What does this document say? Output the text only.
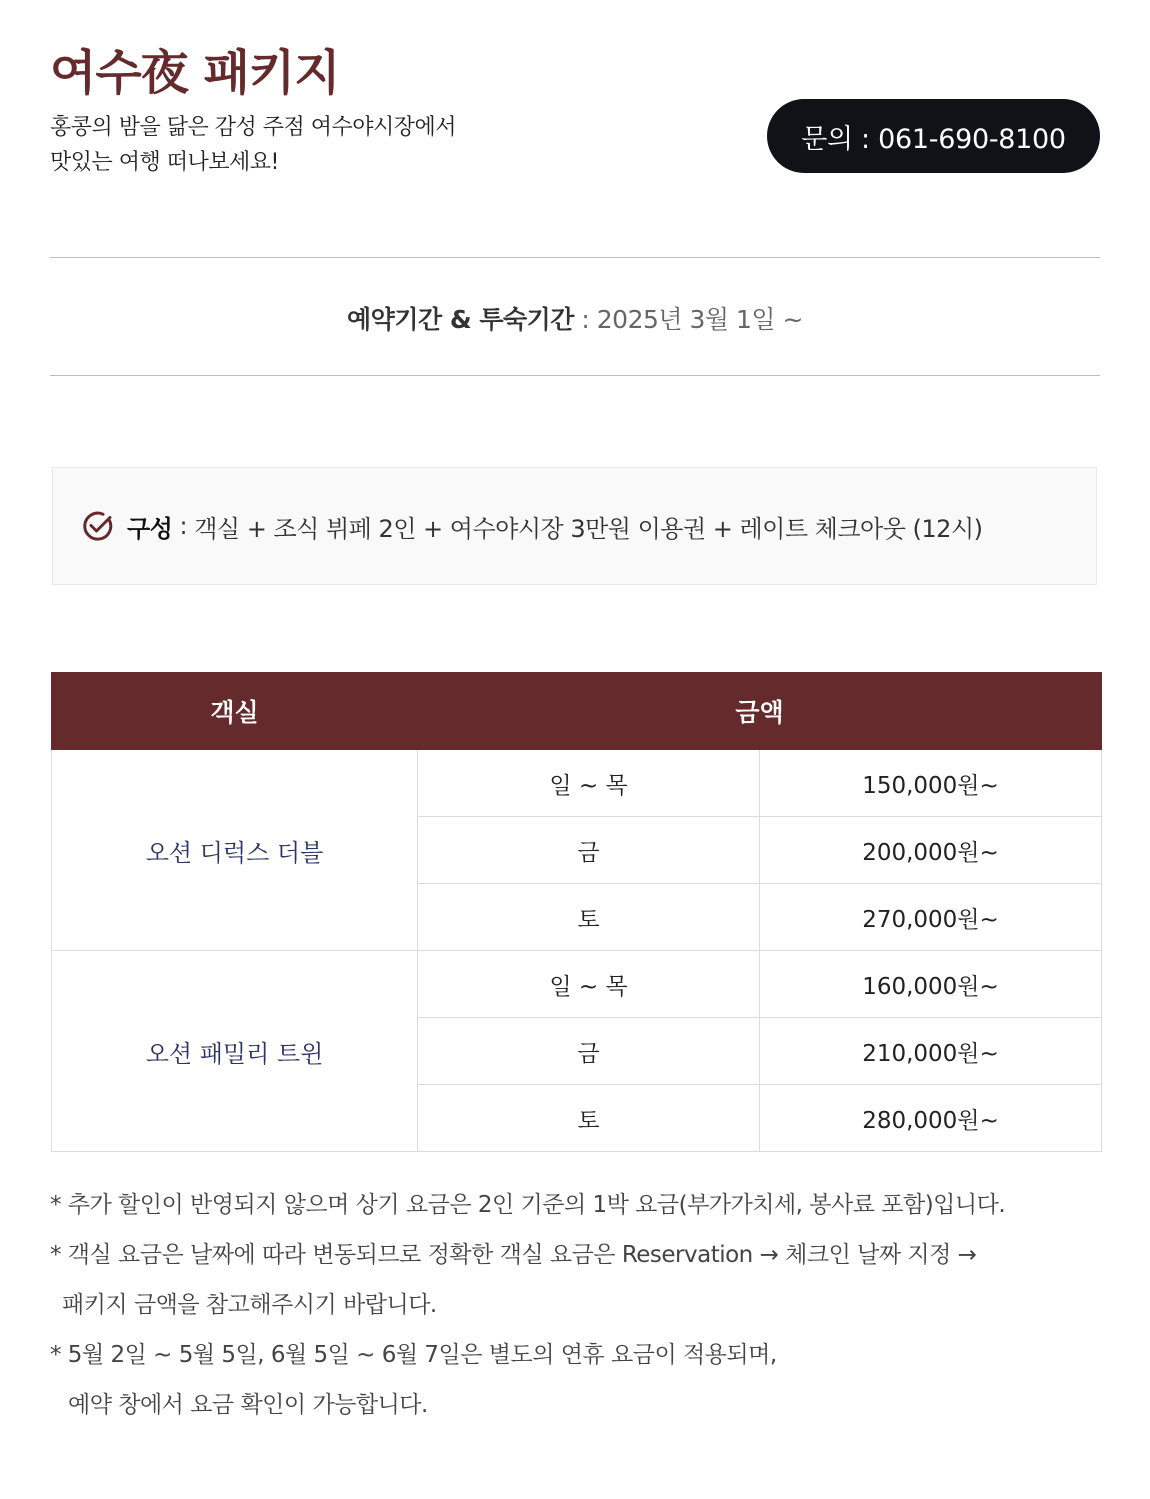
여수夜 패키지
홍콩의 밤을 닮은 감성 주점 여수야시장에서
맛있는 여행 떠나보세요!
문의 : 061-690-8100
예약기간 & 투숙기간 : 2025년 3월 1일 ~
구성 : 객실 + 조식 뷔페 2인 + 여수야시장 3만원 이용권 + 레이트 체크아웃 (12시)
객실	금액	
오션 디럭스 더블	일 ~ 목	150,000원~
	금	200,000원~
	토	270,000원~
오션 패밀리 트윈	일 ~ 목	160,000원~
	금	210,000원~
	토	280,000원~
* 추가 할인이 반영되지 않으며 상기 요금은 2인 기준의 1박 요금(부가가치세, 봉사료 포함)입니다.
* 객실 요금은 날짜에 따라 변동되므로 정확한 객실 요금은 Reservation → 체크인 날짜 지정 →
패키지 금액을 참고해주시기 바랍니다.
* 5월 2일 ~ 5월 5일, 6월 5일 ~ 6월 7일은 별도의 연휴 요금이 적용되며,
예약 창에서 요금 확인이 가능합니다.
